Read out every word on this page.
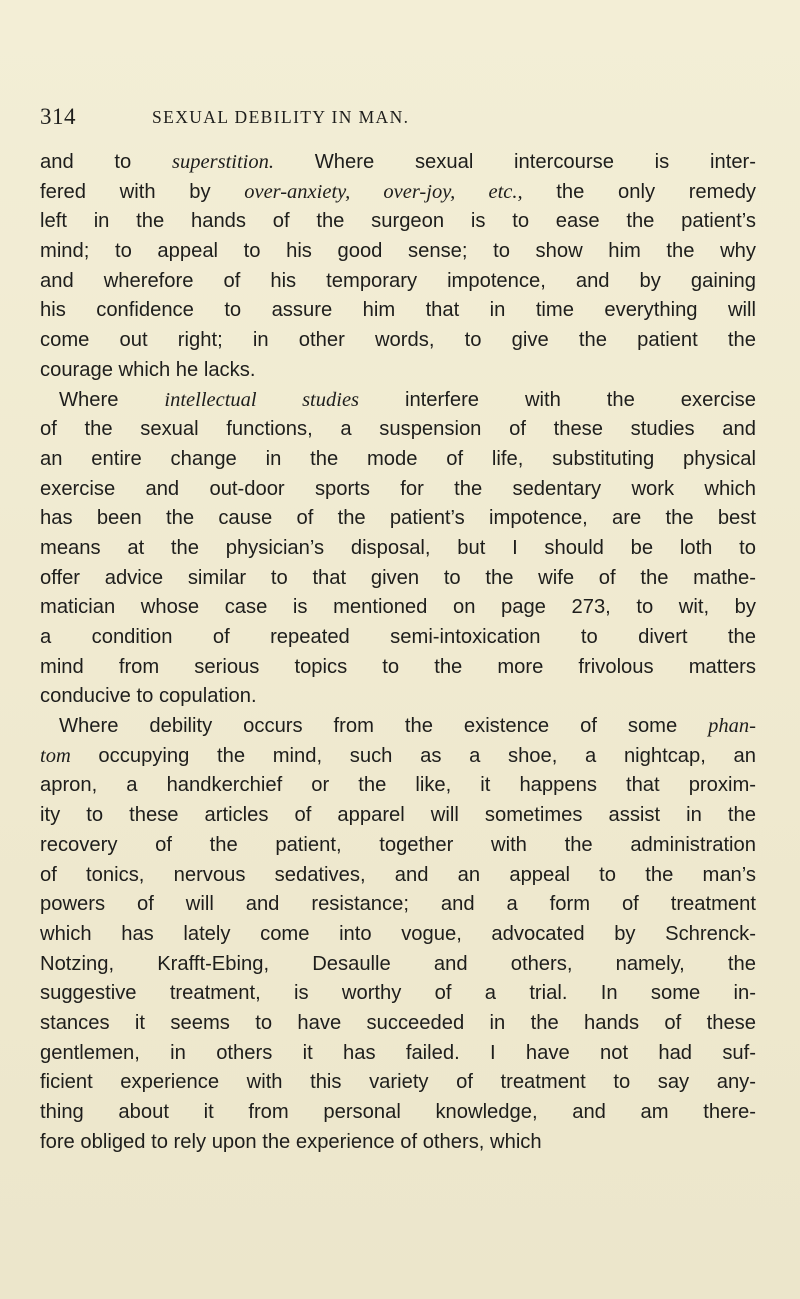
314	SEXUAL DEBILITY IN MAN.
and to superstition. Where sexual intercourse is inter-
fered with by over-anxiety, over-joy, etc., the only remedy
left in the hands of the surgeon is to ease the patient’s
mind; to appeal to his good sense; to show him the why
and wherefore of his temporary impotence, and by gaining
his confidence to assure him that in time everything will
come out right; in other words, to give the patient the
courage which he lacks.
Where intellectual studies interfere with the exercise
of the sexual functions, a suspension of these studies and
an entire change in the mode of life, substituting physical
exercise and out-door sports for the sedentary work which
has been the cause of the patient’s impotence, are the best
means at the physician’s disposal, but I should be loth to
offer advice similar to that given to the wife of the mathe-
matician whose case is mentioned on page 273, to wit, by
a condition of repeated semi-intoxication to divert the
mind from serious topics to the more frivolous matters
conducive to copulation.
Where debility occurs from the existence of some phan-
tom occupying the mind, such as a shoe, a nightcap, an
apron, a handkerchief or the like, it happens that proxim-
ity to these articles of apparel will sometimes assist in the
recovery of the patient, together with the administration
of tonics, nervous sedatives, and an appeal to the man’s
powers of will and resistance; and a form of treatment
which has lately come into vogue, advocated by Schrenck-
Notzing, Krafft-Ebing, Desaulle and others, namely, the
suggestive treatment, is worthy of a trial. In some in-
stances it seems to have succeeded in the hands of these
gentlemen, in others it has failed. I have not had suf-
ficient experience with this variety of treatment to say any-
thing about it from personal knowledge, and am there-
fore obliged to rely upon the experience of others, which
